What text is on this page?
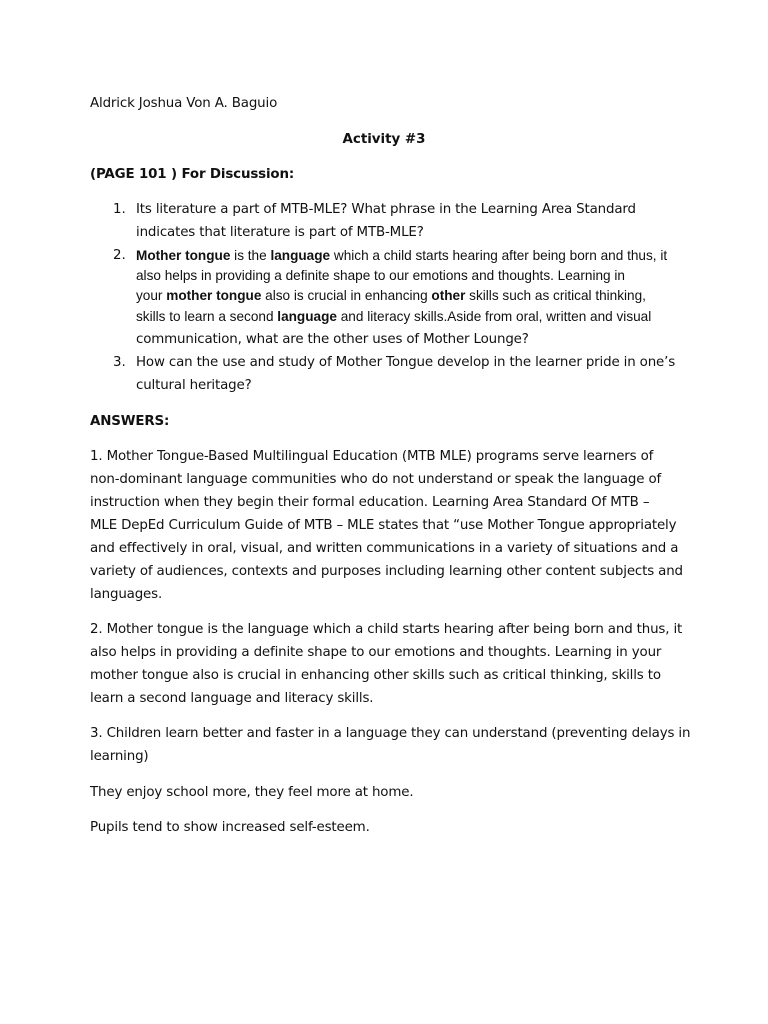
Aldrick Joshua Von A. Baguio
Activity #3
(PAGE 101 ) For Discussion:
1. Its literature a part of MTB-MLE? What phrase in the Learning Area Standard
indicates that literature is part of MTB-MLE?
2. Mother tongue is the language which a child starts hearing after being born and thus, it
also helps in providing a definite shape to our emotions and thoughts. Learning in
your mother tongue also is crucial in enhancing other skills such as critical thinking,
skills to learn a second language and literacy skills.Aside from oral, written and visual
communication, what are the other uses of Mother Lounge?
3. How can the use and study of Mother Tongue develop in the learner pride in one’s
cultural heritage?
ANSWERS:
1. Mother Tongue-Based Multilingual Education (MTB MLE) programs serve learners of
non-dominant language communities who do not understand or speak the language of
instruction when they begin their formal education. Learning Area Standard Of MTB –
MLE DepEd Curriculum Guide of MTB – MLE states that “use Mother Tongue appropriately
and effectively in oral, visual, and written communications in a variety of situations and a
variety of audiences, contexts and purposes including learning other content subjects and
languages.
2. Mother tongue is the language which a child starts hearing after being born and thus, it
also helps in providing a definite shape to our emotions and thoughts. Learning in your
mother tongue also is crucial in enhancing other skills such as critical thinking, skills to
learn a second language and literacy skills.
3. Children learn better and faster in a language they can understand (preventing delays in
learning)
They enjoy school more, they feel more at home.
Pupils tend to show increased self-esteem.
